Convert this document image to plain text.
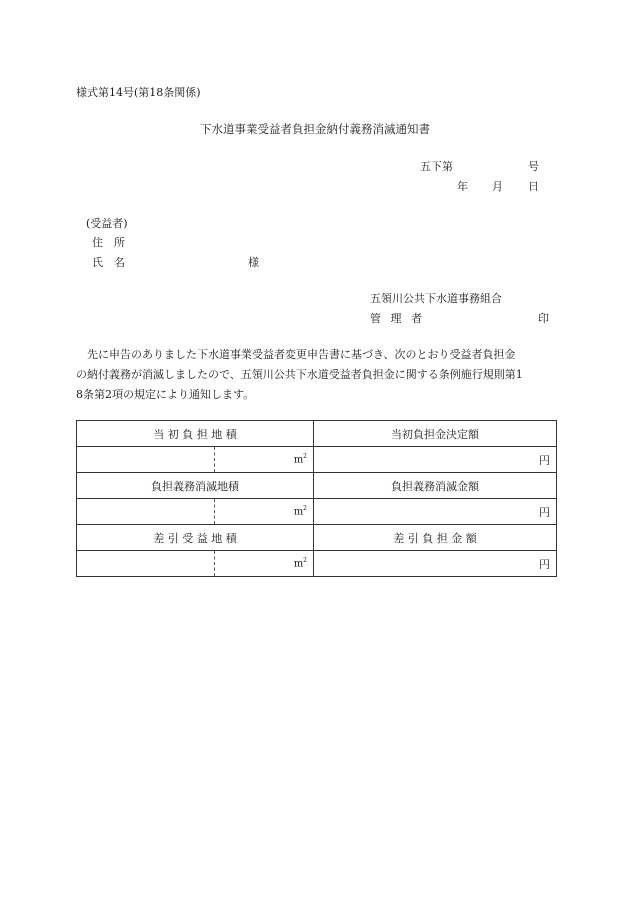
様式第14号(第18条関係)
下水道事業受益者負担金納付義務消滅通知書
五下第	号
年 月 日
(受益者)
住　所
氏　名	様
五領川公共下水道事務組合
管 理 者	印
　先に申告のありました下水道事業受益者変更申告書に基づき、次のとおり受益者負担金
の納付義務が消滅しましたので、五領川公共下水道受益者負担金に関する条例施行規則第1
8条第2項の規定により通知します。
当 初 負 担 地 積	当初負担金決定額

$m^2$	円

負担義務消滅地積	負担義務消滅金額

$m^2$	円

差 引 受 益 地 積	差 引 負 担 金 額

$m^2$	円
